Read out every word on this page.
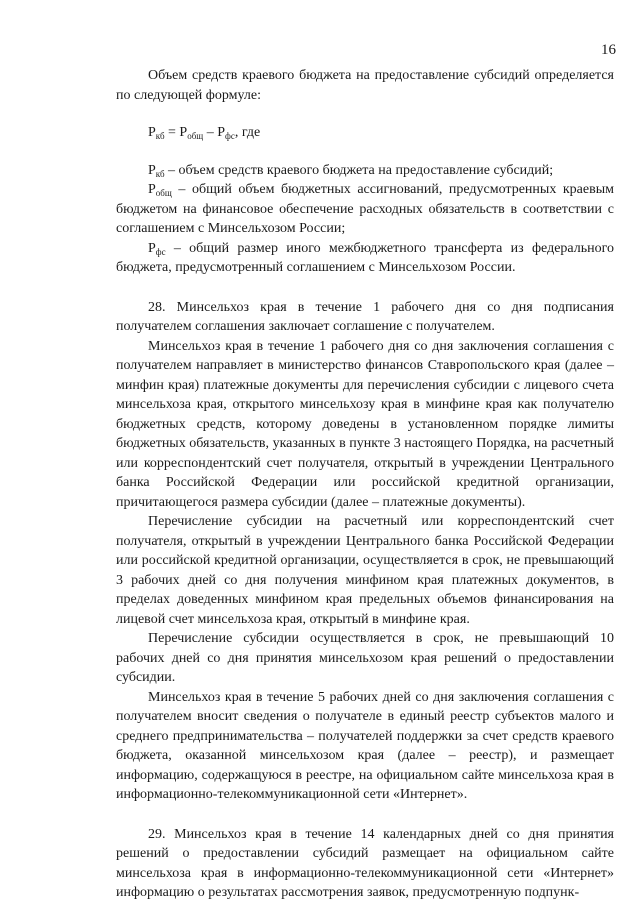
16

Объем средств краевого бюджета на предоставление субсидий определяется по следующей формуле:

$Р_{кб} = Р_{общ} - Р_{фс}$, где

$Р_{кб}$ – объем средств краевого бюджета на предоставление субсидий;

$Р_{общ}$ – общий объем бюджетных ассигнований, предусмотренных краевым бюджетом на финансовое обеспечение расходных обязательств в соответствии с соглашением с Минсельхозом России;

$Р_{фс}$ – общий размер иного межбюджетного трансферта из федерального бюджета, предусмотренный соглашением с Минсельхозом России.

28. Минсельхоз края в течение 1 рабочего дня со дня подписания получателем соглашения заключает соглашение с получателем.

Минсельхоз края в течение 1 рабочего дня со дня заключения соглашения с получателем направляет в министерство финансов Ставропольского края (далее – минфин края) платежные документы для перечисления субсидии с лицевого счета минсельхоза края, открытого минсельхозу края в минфине края как получателю бюджетных средств, которому доведены в установленном порядке лимиты бюджетных обязательств, указанных в пункте 3 настоящего Порядка, на расчетный или корреспондентский счет получателя, открытый в учреждении Центрального банка Российской Федерации или российской кредитной организации, причитающегося размера субсидии (далее – платежные документы).

Перечисление субсидии на расчетный или корреспондентский счет получателя, открытый в учреждении Центрального банка Российской Федерации или российской кредитной организации, осуществляется в срок, не превышающий 3 рабочих дней со дня получения минфином края платежных документов, в пределах доведенных минфином края предельных объемов финансирования на лицевой счет минсельхоза края, открытый в минфине края.

Перечисление субсидии осуществляется в срок, не превышающий 10 рабочих дней со дня принятия минсельхозом края решений о предоставлении субсидии.

Минсельхоз края в течение 5 рабочих дней со дня заключения соглашения с получателем вносит сведения о получателе в единый реестр субъектов малого и среднего предпринимательства – получателей поддержки за счет средств краевого бюджета, оказанной минсельхозом края (далее – реестр), и размещает информацию, содержащуюся в реестре, на официальном сайте минсельхоза края в информационно-телекоммуникационной сети «Интернет».

29. Минсельхоз края в течение 14 календарных дней со дня принятия решений о предоставлении субсидий размещает на официальном сайте минсельхоза края в информационно-телекоммуникационной сети «Интернет» информацию о результатах рассмотрения заявок, предусмотренную подпунк-
